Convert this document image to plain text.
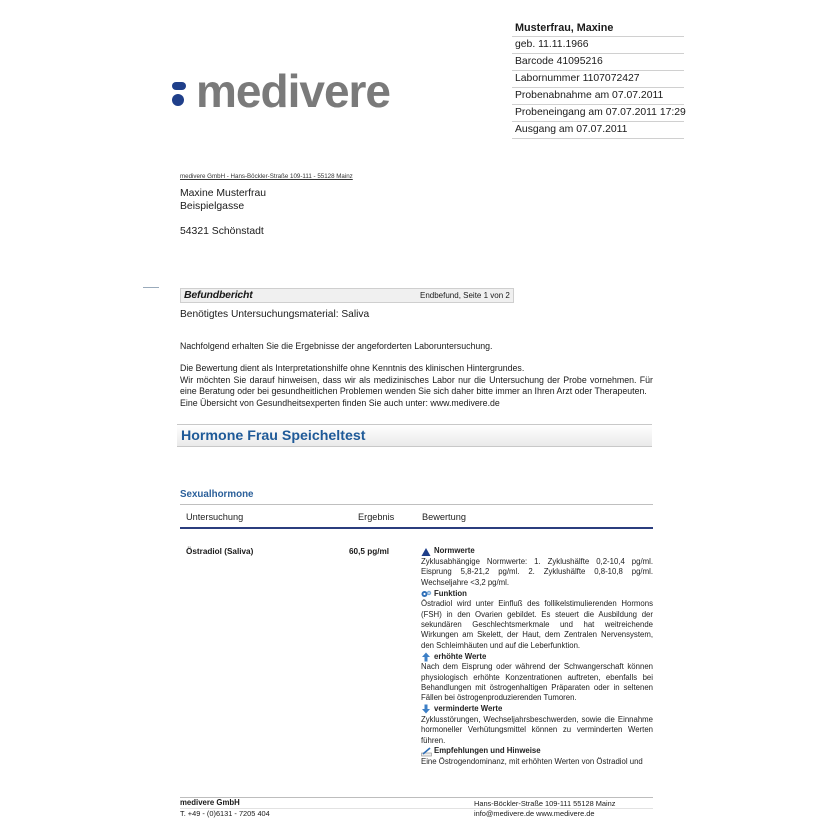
medivere
Musterfrau, Maxine
geb. 11.11.1966
Barcode 41095216
Labornummer 1107072427
Probenabnahme am 07.07.2011
Probeneingang am 07.07.2011 17:29
Ausgang am 07.07.2011
medivere GmbH - Hans-Böckler-Straße 109-111 - 55128 Mainz
Maxine Musterfrau
Beispielgasse
54321 Schönstadt
Befundbericht	Endbefund, Seite 1 von 2
Benötigtes Untersuchungsmaterial: Saliva
Nachfolgend erhalten Sie die Ergebnisse der angeforderten Laboruntersuchung.
Die Bewertung dient als Interpretationshilfe ohne Kenntnis des klinischen Hintergrundes.
Wir möchten Sie darauf hinweisen, dass wir als medizinisches Labor nur die Untersuchung der Probe vornehmen. Für eine Beratung oder bei gesundheitlichen Problemen wenden Sie sich daher bitte immer an Ihren Arzt oder Therapeuten.
Eine Übersicht von Gesundheitsexperten finden Sie auch unter: www.medivere.de
Hormone Frau Speicheltest
Sexualhormone
Untersuchung	Ergebnis	Bewertung
Östradiol (Saliva)	60,5 pg/ml	Normwerte
Zyklusabhängige Normwerte: 1. Zyklushälfte 0,2-10,4 pg/ml. Eisprung 5,8-21,2 pg/ml. 2. Zyklushälfte 0,8-10,8 pg/ml. Wechseljahre <3,2 pg/ml.
Funktion
Östradiol wird unter Einfluß des follikelstimulierenden Hormons (FSH) in den Ovarien gebildet. Es steuert die Ausbildung der sekundären Geschlechtsmerkmale und hat weitreichende Wirkungen am Skelett, der Haut, dem Zentralen Nervensystem, den Schleimhäuten und auf die Leberfunktion.
erhöhte Werte
Nach dem Eisprung oder während der Schwangerschaft können physiologisch erhöhte Konzentrationen auftreten, ebenfalls bei Behandlungen mit östrogenhaltigen Präparaten oder in seltenen Fällen bei östrogenproduzierenden Tumoren.
verminderte Werte
Zyklusstörungen, Wechseljahrsbeschwerden, sowie die Einnahme hormoneller Verhütungsmittel können zu verminderten Werten führen.
Empfehlungen und Hinweise
Eine Östrogendominanz, mit erhöhten Werten von Östradiol und
medivere GmbH	Hans-Böckler-Straße 109-111 55128 Mainz
T. +49 - (0)6131 - 7205 404	info@medivere.de www.medivere.de
